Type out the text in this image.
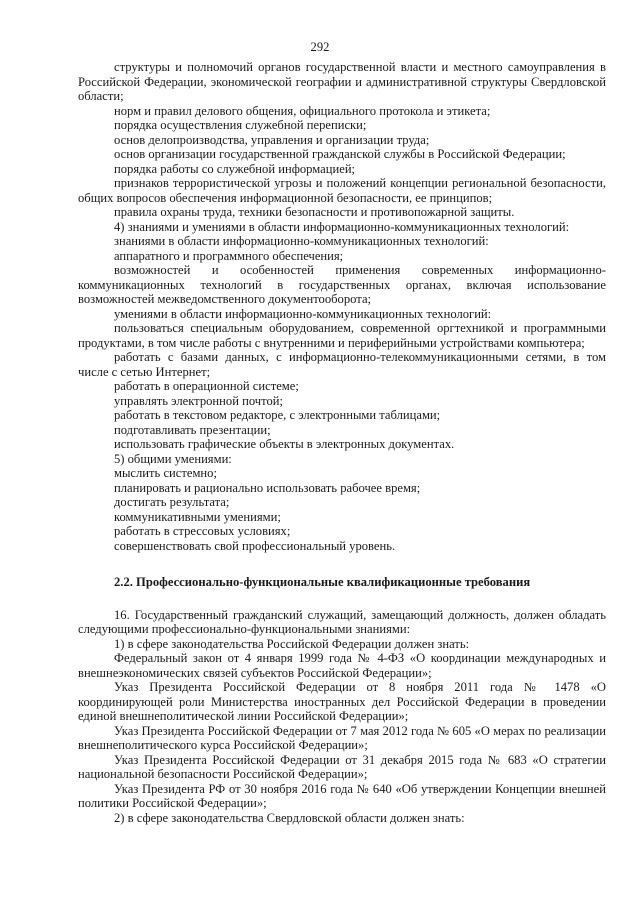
292

структуры и полномочий органов государственной власти и местного самоуправления в Российской Федерации, экономической географии и административной структуры Свердловской области;

норм и правил делового общения, официального протокола и этикета;

порядка осуществления служебной переписки;

основ делопроизводства, управления и организации труда;

основ организации государственной гражданской службы в Российской Федерации;

порядка работы со служебной информацией;

признаков террористической угрозы и положений концепции региональной безопасности, общих вопросов обеспечения информационной безопасности, ее принципов;

правила охраны труда, техники безопасности и противопожарной защиты.

4) знаниями и умениями в области информационно-коммуникационных технологий:

знаниями в области информационно-коммуникационных технологий:

аппаратного и программного обеспечения;

возможностей и особенностей применения современных информационно-коммуникационных технологий в государственных органах, включая использование возможностей межведомственного документооборота;

умениями в области информационно-коммуникационных технологий:

пользоваться специальным оборудованием, современной оргтехникой и программными продуктами, в том числе работы с внутренними и периферийными устройствами компьютера;

работать с базами данных, с информационно-телекоммуникационными сетями, в том числе с сетью Интернет;

работать в операционной системе;

управлять электронной почтой;

работать в текстовом редакторе, с электронными таблицами;

подготавливать презентации;

использовать графические объекты в электронных документах.

5) общими умениями:

мыслить системно;

планировать и рационально использовать рабочее время;

достигать результата;

коммуникативными умениями;

работать в стрессовых условиях;

совершенствовать свой профессиональный уровень.

2.2. Профессионально-функциональные квалификационные требования

16. Государственный гражданский служащий, замещающий должность, должен обладать следующими профессионально-функциональными знаниями:

1) в сфере законодательства Российской Федерации должен знать:

Федеральный закон от 4 января 1999 года № 4-ФЗ «О координации международных и внешнеэкономических связей субъектов Российской Федерации»;

Указ Президента Российской Федерации от 8 ноября 2011 года № 1478 «О координирующей роли Министерства иностранных дел Российской Федерации в проведении единой внешнеполитической линии Российской Федерации»;

Указ Президента Российской Федерации от 7 мая 2012 года № 605 «О мерах по реализации внешнеполитического курса Российской Федерации»;

Указ Президента Российской Федерации от 31 декабря 2015 года № 683 «О стратегии национальной безопасности Российской Федерации»;

Указ Президента РФ от 30 ноября 2016 года № 640 «Об утверждении Концепции внешней политики Российской Федерации»;

2) в сфере законодательства Свердловской области должен знать:
